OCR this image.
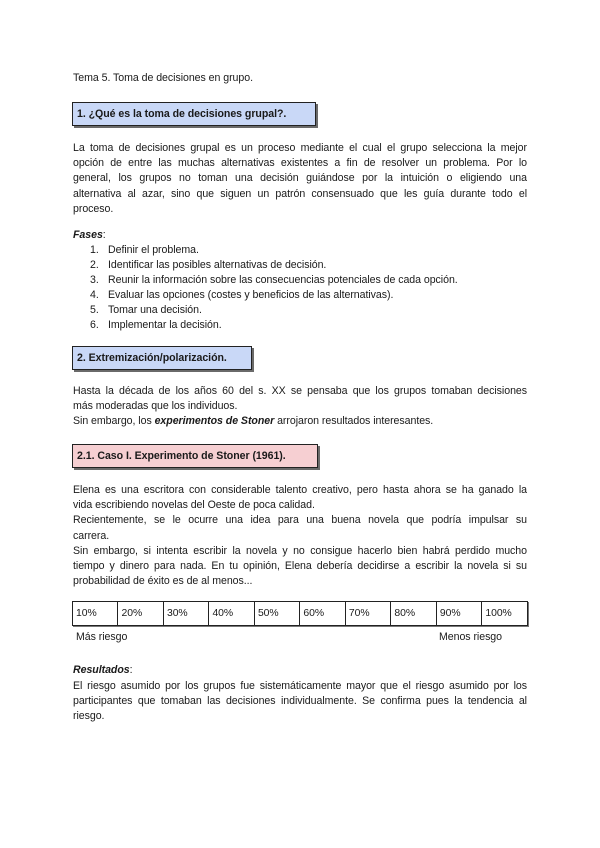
Tema 5. Toma de decisiones en grupo.
1. ¿Qué es la toma de decisiones grupal?.
La toma de decisiones grupal es un proceso mediante el cual el grupo selecciona la mejor
opción de entre las muchas alternativas existentes a fin de resolver un problema. Por lo
general, los grupos no toman una decisión guiándose por la intuición o eligiendo una
alternativa al azar, sino que siguen un patrón consensuado que les guía durante todo el
proceso.
Fases:
1. Definir el problema.
2. Identificar las posibles alternativas de decisión.
3. Reunir la información sobre las consecuencias potenciales de cada opción.
4. Evaluar las opciones (costes y beneficios de las alternativas).
5. Tomar una decisión.
6. Implementar la decisión.
2. Extremización/polarización.
Hasta la década de los años 60 del s. XX se pensaba que los grupos tomaban decisiones
más moderadas que los individuos.
Sin embargo, los experimentos de Stoner arrojaron resultados interesantes.
2.1. Caso I. Experimento de Stoner (1961).
Elena es una escritora con considerable talento creativo, pero hasta ahora se ha ganado la
vida escribiendo novelas del Oeste de poca calidad.
Recientemente, se le ocurre una idea para una buena novela que podría impulsar su
carrera.
Sin embargo, si intenta escribir la novela y no consigue hacerlo bien habrá perdido mucho
tiempo y dinero para nada. En tu opinión, Elena debería decidirse a escribir la novela si su
probabilidad de éxito es de al menos...
10%	20%	30%	40%	50%	60%	70%	80%	90%	100%
Más riesgo	Menos riesgo
Resultados:
El riesgo asumido por los grupos fue sistemáticamente mayor que el riesgo asumido por los
participantes que tomaban las decisiones individualmente. Se confirma pues la tendencia al
riesgo.
